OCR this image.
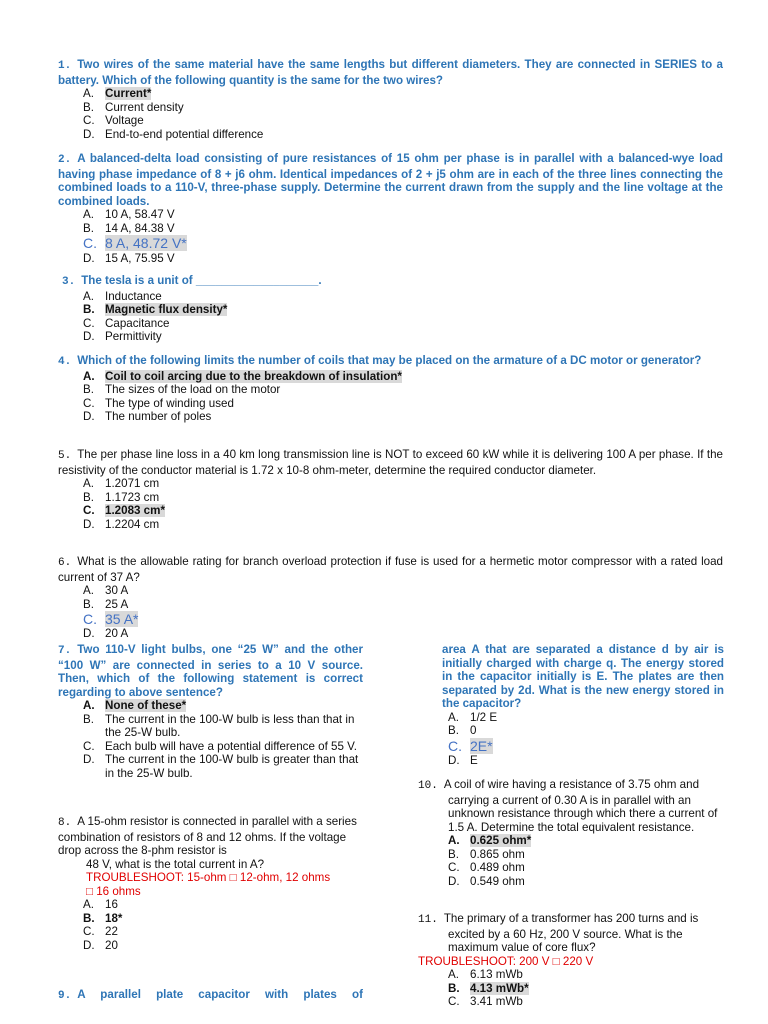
1. Two wires of the same material have the same lengths but different diameters. They are connected in SERIES to a battery. Which of the following quantity is the same for the two wires?
A. Current*
B. Current density
C. Voltage
D. End-to-end potential difference
2. A balanced-delta load consisting of pure resistances of 15 ohm per phase is in parallel with a balanced-wye load having phase impedance of 8 + j6 ohm. Identical impedances of 2 + j5 ohm are in each of the three lines connecting the combined loads to a 110-V, three-phase supply. Determine the current drawn from the supply and the line voltage at the combined loads.
A. 10 A, 58.47 V
B. 14 A, 84.38 V
C. 8 A, 48.72 V*
D. 15 A, 75.95 V
3. The tesla is a unit of ___________________.
A. Inductance
B. Magnetic flux density*
C. Capacitance
D. Permittivity
4. Which of the following limits the number of coils that may be placed on the armature of a DC motor or generator?
A. Coil to coil arcing due to the breakdown of insulation*
B. The sizes of the load on the motor
C. The type of winding used
D. The number of poles
5. The per phase line loss in a 40 km long transmission line is NOT to exceed 60 kW while it is delivering 100 A per phase. If the resistivity of the conductor material is 1.72 x 10-8 ohm-meter, determine the required conductor diameter.
A. 1.2071 cm
B. 1.1723 cm
C. 1.2083 cm*
D. 1.2204 cm
6. What is the allowable rating for branch overload protection if fuse is used for a hermetic motor compressor with a rated load current of 37 A?
A. 30 A
B. 25 A
C. 35 A*
D. 20 A
7. Two 110-V light bulbs, one “25 W” and the other “100 W” are connected in series to a 10 V source. Then, which of the following statement is correct regarding to above sentence?
A. None of these*
B. The current in the 100-W bulb is less than that in the 25-W bulb.
C. Each bulb will have a potential difference of 55 V.
D. The current in the 100-W bulb is greater than that in the 25-W bulb.
8. A 15-ohm resistor is connected in parallel with a series combination of resistors of 8 and 12 ohms. If the voltage drop across the 8-phm resistor is
48 V, what is the total current in A?
TROUBLESHOOT: 15-ohm □ 12-ohm, 12 ohms
□ 16 ohms
A. 16
B. 18*
C. 22
D. 20
9. A parallel plate capacitor with plates of
area A that are separated a distance d by air is initially charged with charge q. The energy stored in the capacitor initially is E. The plates are then separated by 2d. What is the new energy stored in the capacitor?
A. 1/2 E
B. 0
C. 2E*
D. E
10. A coil of wire having a resistance of 3.75 ohm and carrying a current of 0.30 A is in parallel with an unknown resistance through which there a current of 1.5 A. Determine the total equivalent resistance.
A. 0.625 ohm*
B. 0.865 ohm
C. 0.489 ohm
D. 0.549 ohm
11. The primary of a transformer has 200 turns and is excited by a 60 Hz, 200 V source. What is the maximum value of core flux?
TROUBLESHOOT: 200 V □ 220 V
A. 6.13 mWb
B. 4.13 mWb*
C. 3.41 mWb
